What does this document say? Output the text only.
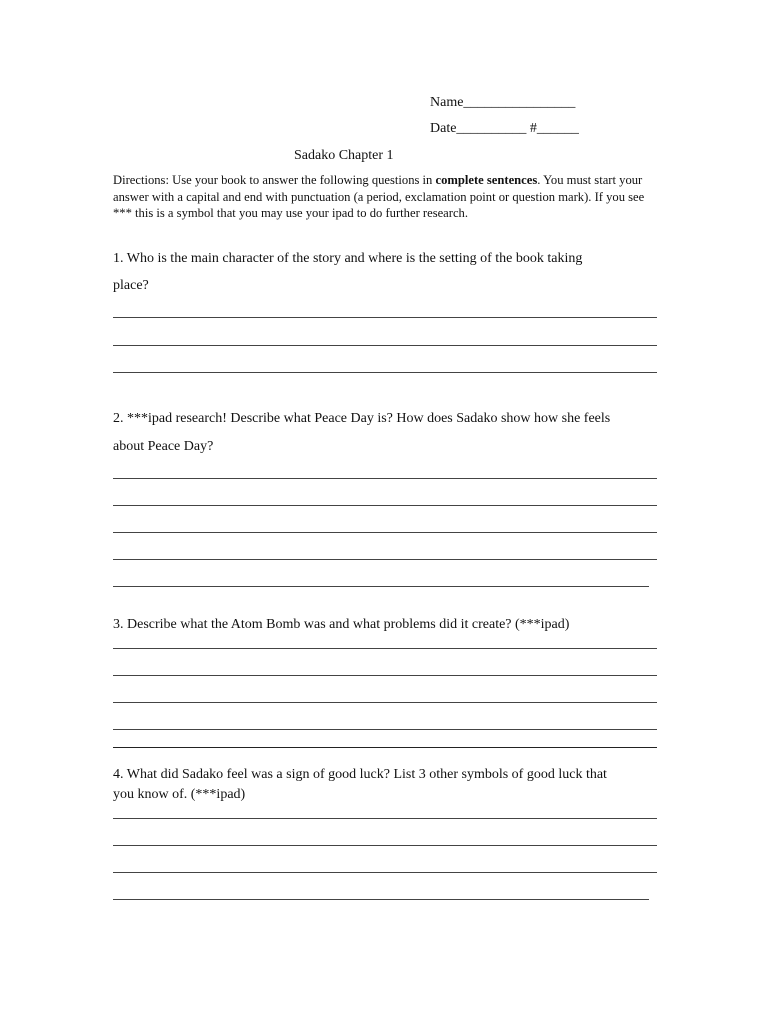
Name________________
Date__________ #______
Sadako Chapter 1
Directions: Use your book to answer the following questions in complete sentences. You must start your answer with a capital and end with punctuation (a period, exclamation point or question mark). If you see *** this is a symbol that you may use your ipad to do further research.
1. Who is the main character of the story and where is the setting of the book taking
place?
2. ***ipad research! Describe what Peace Day is? How does Sadako show how she feels
about Peace Day?
3. Describe what the Atom Bomb was and what problems did it create? (***ipad)
4. What did Sadako feel was a sign of good luck? List 3 other symbols of good luck that
you know of. (***ipad)
